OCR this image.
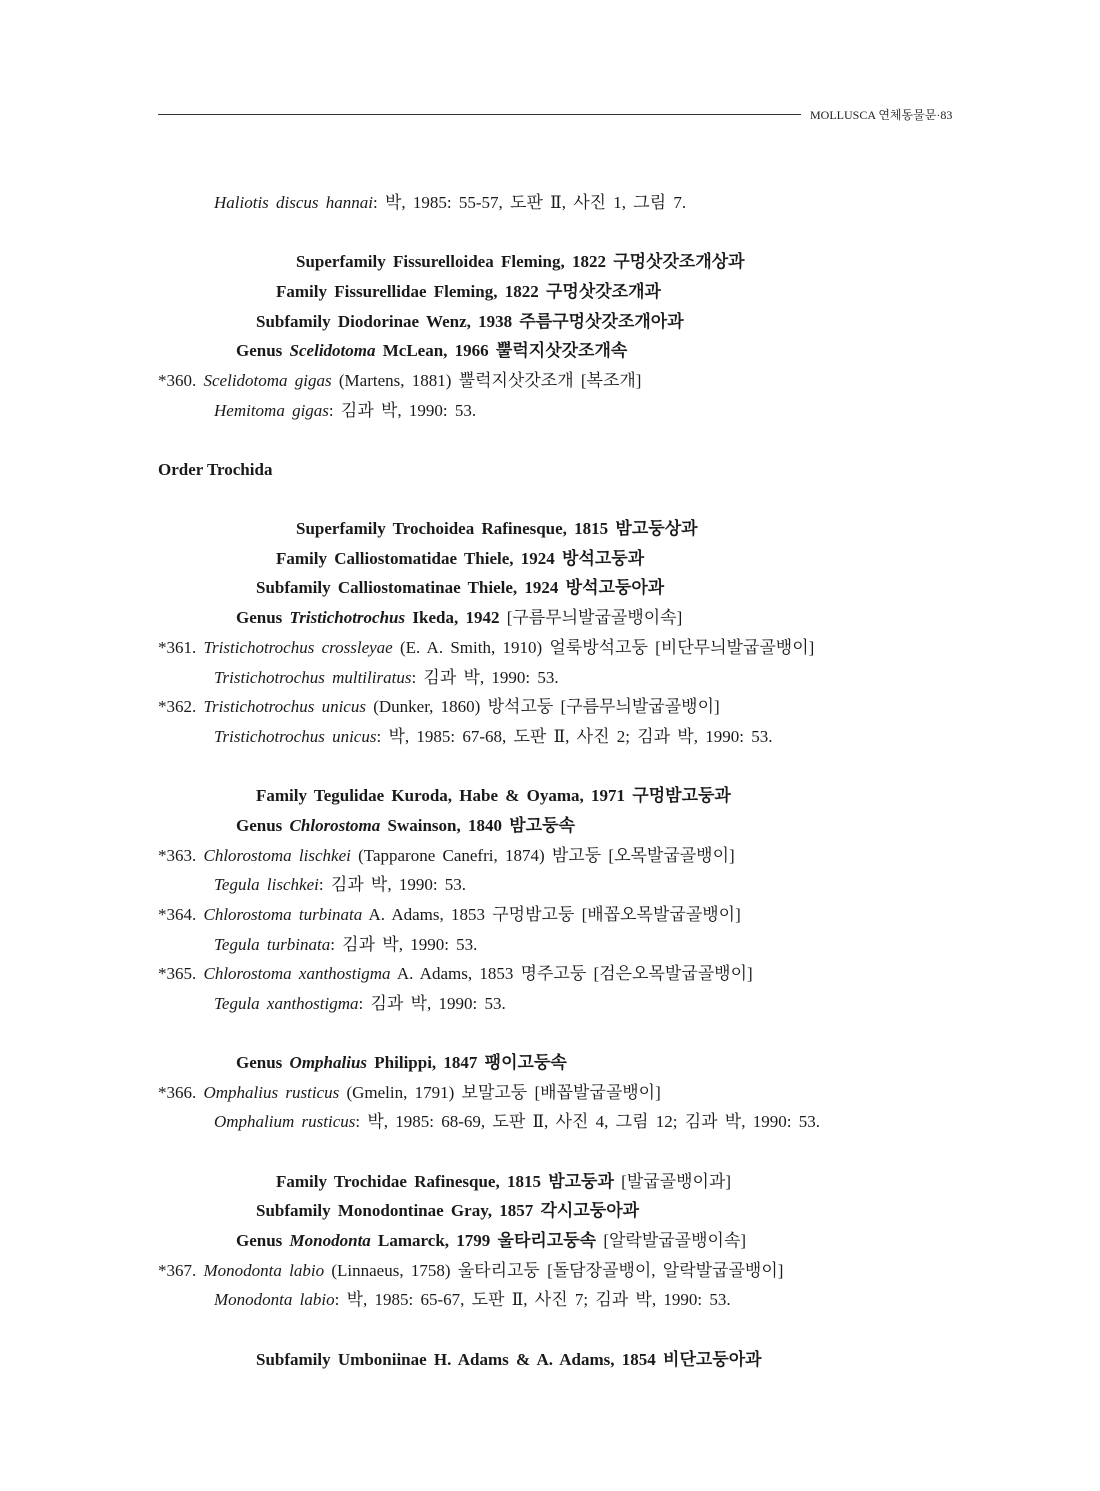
MOLLUSCA 연체동물문·83
Haliotis discus hannai: 박, 1985: 55-57, 도판 Ⅱ, 사진 1, 그림 7.
Superfamily Fissurelloidea Fleming, 1822 구멍삿갓조개상과
Family Fissurellidae Fleming, 1822 구멍삿갓조개과
Subfamily Diodorinae Wenz, 1938 주름구멍삿갓조개아과
Genus Scelidotoma McLean, 1966 뿔럭지삿갓조개속
*360. Scelidotoma gigas (Martens, 1881) 뿔럭지삿갓조개 [복조개]
Hemitoma gigas: 김과 박, 1990: 53.
Order Trochida
Superfamily Trochoidea Rafinesque, 1815 밤고둥상과
Family Calliostomatidae Thiele, 1924 방석고둥과
Subfamily Calliostomatinae Thiele, 1924 방석고둥아과
Genus Tristichotrochus Ikeda, 1942 [구름무늬발굽골뱅이속]
*361. Tristichotrochus crossleyae (E. A. Smith, 1910) 얼룩방석고둥 [비단무늬발굽골뱅이]
Tristichotrochus multiliratus: 김과 박, 1990: 53.
*362. Tristichotrochus unicus (Dunker, 1860) 방석고둥 [구름무늬발굽골뱅이]
Tristichotrochus unicus: 박, 1985: 67-68, 도판 Ⅱ, 사진 2; 김과 박, 1990: 53.
Family Tegulidae Kuroda, Habe & Oyama, 1971 구멍밤고둥과
Genus Chlorostoma Swainson, 1840 밤고둥속
*363. Chlorostoma lischkei (Tapparone Canefri, 1874) 밤고둥 [오목발굽골뱅이]
Tegula lischkei: 김과 박, 1990: 53.
*364. Chlorostoma turbinata A. Adams, 1853 구멍밤고둥 [배꼽오목발굽골뱅이]
Tegula turbinata: 김과 박, 1990: 53.
*365. Chlorostoma xanthostigma A. Adams, 1853 명주고둥 [검은오목발굽골뱅이]
Tegula xanthostigma: 김과 박, 1990: 53.
Genus Omphalius Philippi, 1847 팽이고둥속
*366. Omphalius rusticus (Gmelin, 1791) 보말고둥 [배꼽발굽골뱅이]
Omphalium rusticus: 박, 1985: 68-69, 도판 Ⅱ, 사진 4, 그림 12; 김과 박, 1990: 53.
Family Trochidae Rafinesque, 1815 밤고둥과 [발굽골뱅이과]
Subfamily Monodontinae Gray, 1857 각시고둥아과
Genus Monodonta Lamarck, 1799 울타리고둥속 [알락발굽골뱅이속]
*367. Monodonta labio (Linnaeus, 1758) 울타리고둥 [돌담장골뱅이, 알락발굽골뱅이]
Monodonta labio: 박, 1985: 65-67, 도판 Ⅱ, 사진 7; 김과 박, 1990: 53.
Subfamily Umboniinae H. Adams & A. Adams, 1854 비단고둥아과
